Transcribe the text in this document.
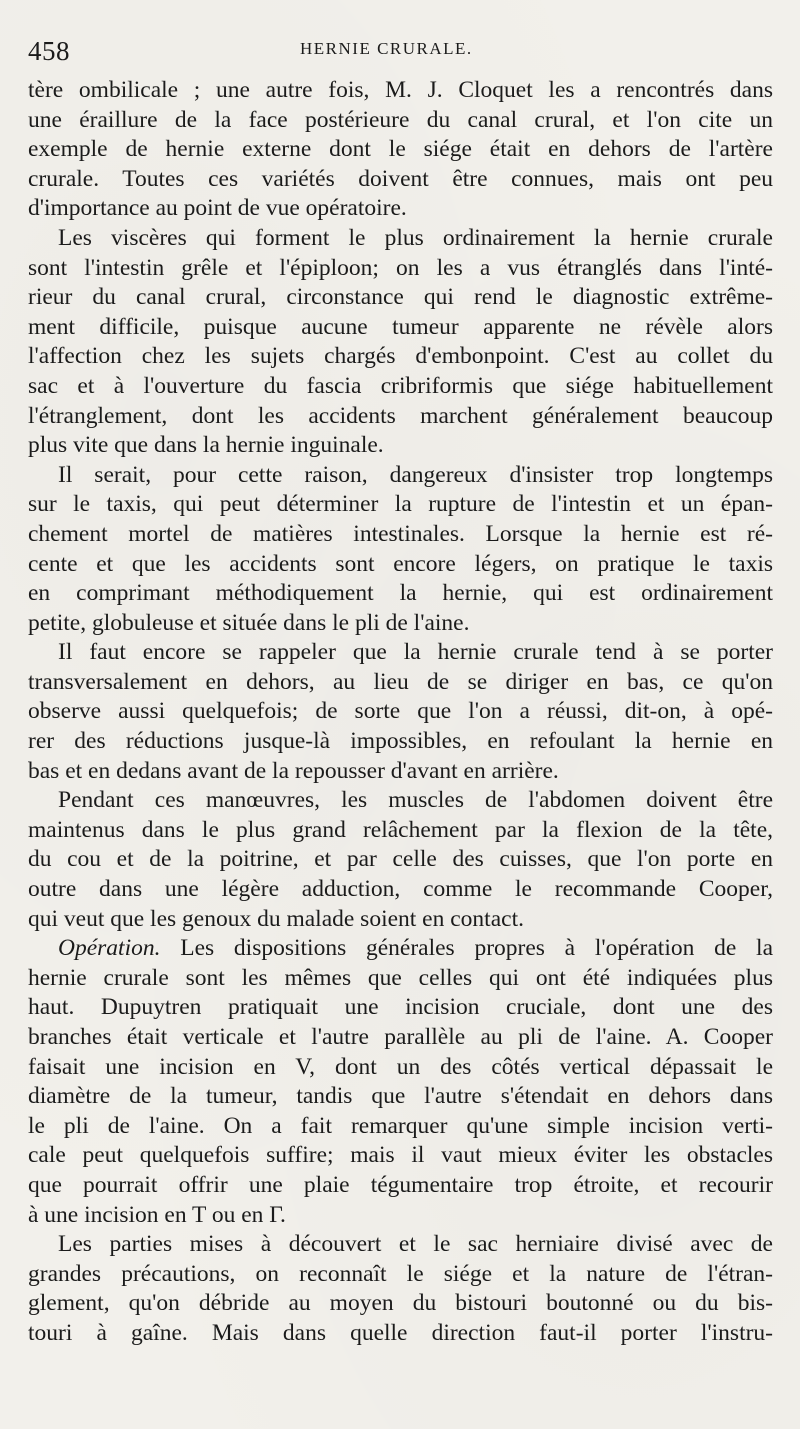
458	HERNIE CRURALE.
tère ombilicale ; une autre fois, M. J. Cloquet les a rencontrés dans
une éraillure de la face postérieure du canal crural, et l'on cite un
exemple de hernie externe dont le siége était en dehors de l'artère
crurale. Toutes ces variétés doivent être connues, mais ont peu
d'importance au point de vue opératoire.
Les viscères qui forment le plus ordinairement la hernie crurale
sont l'intestin grêle et l'épiploon; on les a vus étranglés dans l'inté-
rieur du canal crural, circonstance qui rend le diagnostic extrême-
ment difficile, puisque aucune tumeur apparente ne révèle alors
l'affection chez les sujets chargés d'embonpoint. C'est au collet du
sac et à l'ouverture du fascia cribriformis que siége habituellement
l'étranglement, dont les accidents marchent généralement beaucoup
plus vite que dans la hernie inguinale.
Il serait, pour cette raison, dangereux d'insister trop longtemps
sur le taxis, qui peut déterminer la rupture de l'intestin et un épan-
chement mortel de matières intestinales. Lorsque la hernie est ré-
cente et que les accidents sont encore légers, on pratique le taxis
en comprimant méthodiquement la hernie, qui est ordinairement
petite, globuleuse et située dans le pli de l'aine.
Il faut encore se rappeler que la hernie crurale tend à se porter
transversalement en dehors, au lieu de se diriger en bas, ce qu'on
observe aussi quelquefois; de sorte que l'on a réussi, dit-on, à opé-
rer des réductions jusque-là impossibles, en refoulant la hernie en
bas et en dedans avant de la repousser d'avant en arrière.
Pendant ces manœuvres, les muscles de l'abdomen doivent être
maintenus dans le plus grand relâchement par la flexion de la tête,
du cou et de la poitrine, et par celle des cuisses, que l'on porte en
outre dans une légère adduction, comme le recommande Cooper,
qui veut que les genoux du malade soient en contact.
Opération. Les dispositions générales propres à l'opération de la
hernie crurale sont les mêmes que celles qui ont été indiquées plus
haut. Dupuytren pratiquait une incision cruciale, dont une des
branches était verticale et l'autre parallèle au pli de l'aine. A. Cooper
faisait une incision en V, dont un des côtés vertical dépassait le
diamètre de la tumeur, tandis que l'autre s'étendait en dehors dans
le pli de l'aine. On a fait remarquer qu'une simple incision verti-
cale peut quelquefois suffire; mais il vaut mieux éviter les obstacles
que pourrait offrir une plaie tégumentaire trop étroite, et recourir
à une incision en T ou en Γ.
Les parties mises à découvert et le sac herniaire divisé avec de
grandes précautions, on reconnaît le siége et la nature de l'étran-
glement, qu'on débride au moyen du bistouri boutonné ou du bis-
touri à gaîne. Mais dans quelle direction faut-il porter l'instru-
